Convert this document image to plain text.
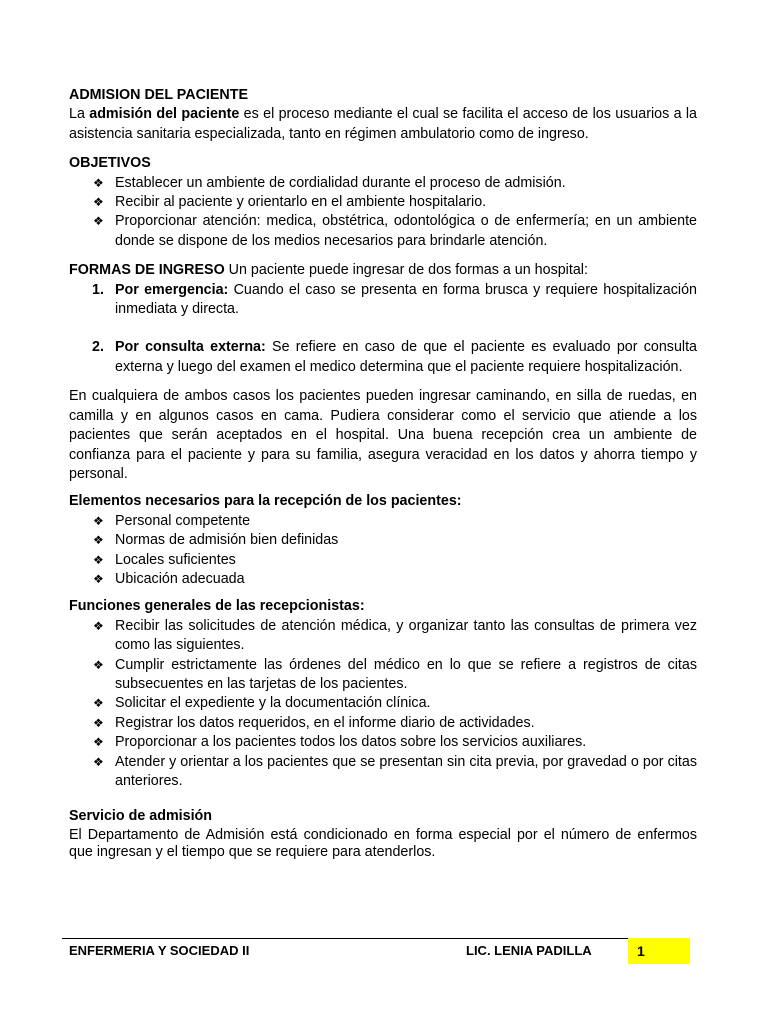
ADMISION DEL PACIENTE

La admisión del paciente es el proceso mediante el cual se facilita el acceso de los usuarios a la asistencia sanitaria especializada, tanto en régimen ambulatorio como de ingreso.

OBJETIVOS
❖ Establecer un ambiente de cordialidad durante el proceso de admisión.
❖ Recibir al paciente y orientarlo en el ambiente hospitalario.
❖ Proporcionar atención: medica, obstétrica, odontológica o de enfermería; en un ambiente donde se dispone de los medios necesarios para brindarle atención.

FORMAS DE INGRESO Un paciente puede ingresar de dos formas a un hospital:

1. Por emergencia: Cuando el caso se presenta en forma brusca y requiere hospitalización inmediata y directa.
2. Por consulta externa: Se refiere en caso de que el paciente es evaluado por consulta externa y luego del examen el medico determina que el paciente requiere hospitalización.

En cualquiera de ambos casos los pacientes pueden ingresar caminando, en silla de ruedas, en camilla y en algunos casos en cama. Pudiera considerar como el servicio que atiende a los pacientes que serán aceptados en el hospital. Una buena recepción crea un ambiente de confianza para el paciente y para su familia, asegura veracidad en los datos y ahorra tiempo y personal.

Elementos necesarios para la recepción de los pacientes:
❖ Personal competente
❖ Normas de admisión bien definidas
❖ Locales suficientes
❖ Ubicación adecuada
Funciones generales de las recepcionistas:
❖ Recibir las solicitudes de atención médica, y organizar tanto las consultas de primera vez como las siguientes.
❖ Cumplir estrictamente las órdenes del médico en lo que se refiere a registros de citas subsecuentes en las tarjetas de los pacientes.
❖ Solicitar el expediente y la documentación clínica.
❖ Registrar los datos requeridos, en el informe diario de actividades.
❖ Proporcionar a los pacientes todos los datos sobre los servicios auxiliares.
❖ Atender y orientar a los pacientes que se presentan sin cita previa, por gravedad o por citas anteriores.
Servicio de admisión

El Departamento de Admisión está condicionado en forma especial por el número de enfermos que ingresan y el tiempo que se requiere para atenderlos.

ENFERMERIA Y SOCIEDAD II	LIC. LENIA PADILLA	1
